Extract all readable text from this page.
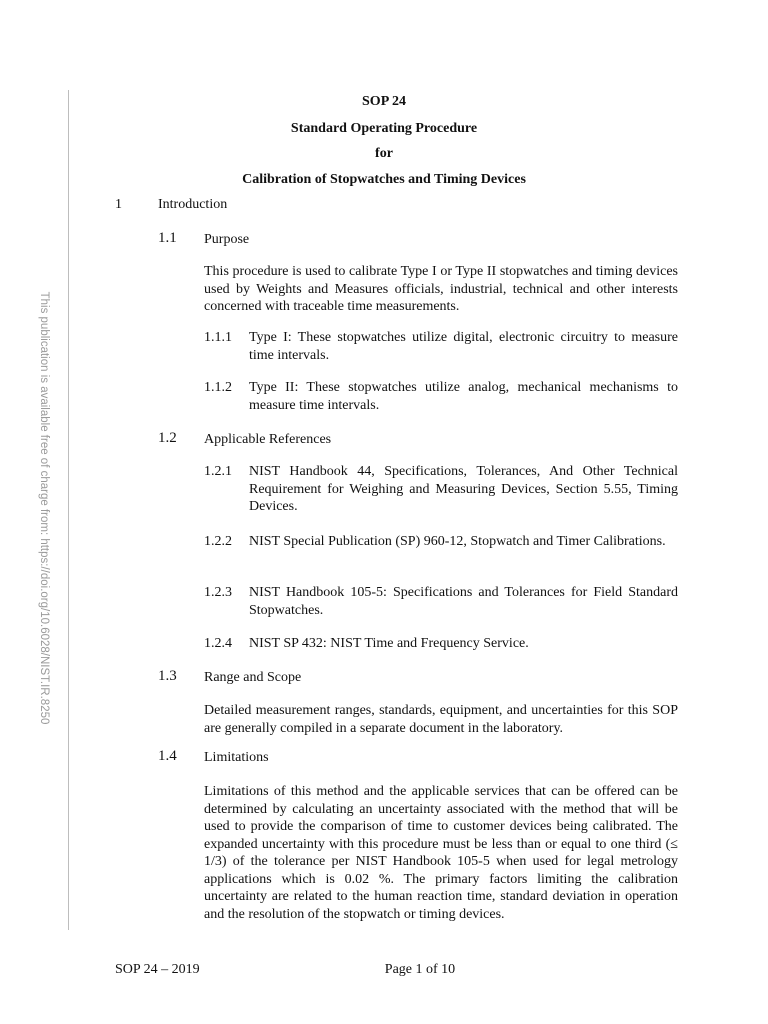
This publication is available free of charge from: https://doi.org/10.6028/NIST.IR.8250
SOP 24
Standard Operating Procedure
for
Calibration of Stopwatches and Timing Devices
1	Introduction
1.1 Purpose
This procedure is used to calibrate Type I or Type II stopwatches and timing devices used by Weights and Measures officials, industrial, technical and other interests concerned with traceable time measurements.
1.1.1 Type I: These stopwatches utilize digital, electronic circuitry to measure time intervals.
1.1.2 Type II: These stopwatches utilize analog, mechanical mechanisms to measure time intervals.
1.2 Applicable References
1.2.1 NIST Handbook 44, Specifications, Tolerances, And Other Technical Requirement for Weighing and Measuring Devices, Section 5.55, Timing Devices.
1.2.2 NIST Special Publication (SP) 960-12, Stopwatch and Timer Calibrations.
1.2.3 NIST Handbook 105-5: Specifications and Tolerances for Field Standard Stopwatches.
1.2.4 NIST SP 432: NIST Time and Frequency Service.
1.3 Range and Scope
Detailed measurement ranges, standards, equipment, and uncertainties for this SOP are generally compiled in a separate document in the laboratory.
1.4 Limitations
Limitations of this method and the applicable services that can be offered can be determined by calculating an uncertainty associated with the method that will be used to provide the comparison of time to customer devices being calibrated. The expanded uncertainty with this procedure must be less than or equal to one third (≤ 1/3) of the tolerance per NIST Handbook 105-5 when used for legal metrology applications which is 0.02 %. The primary factors limiting the calibration uncertainty are related to the human reaction time, standard deviation in operation and the resolution of the stopwatch or timing devices.
SOP 24 – 2019	Page 1 of 10
